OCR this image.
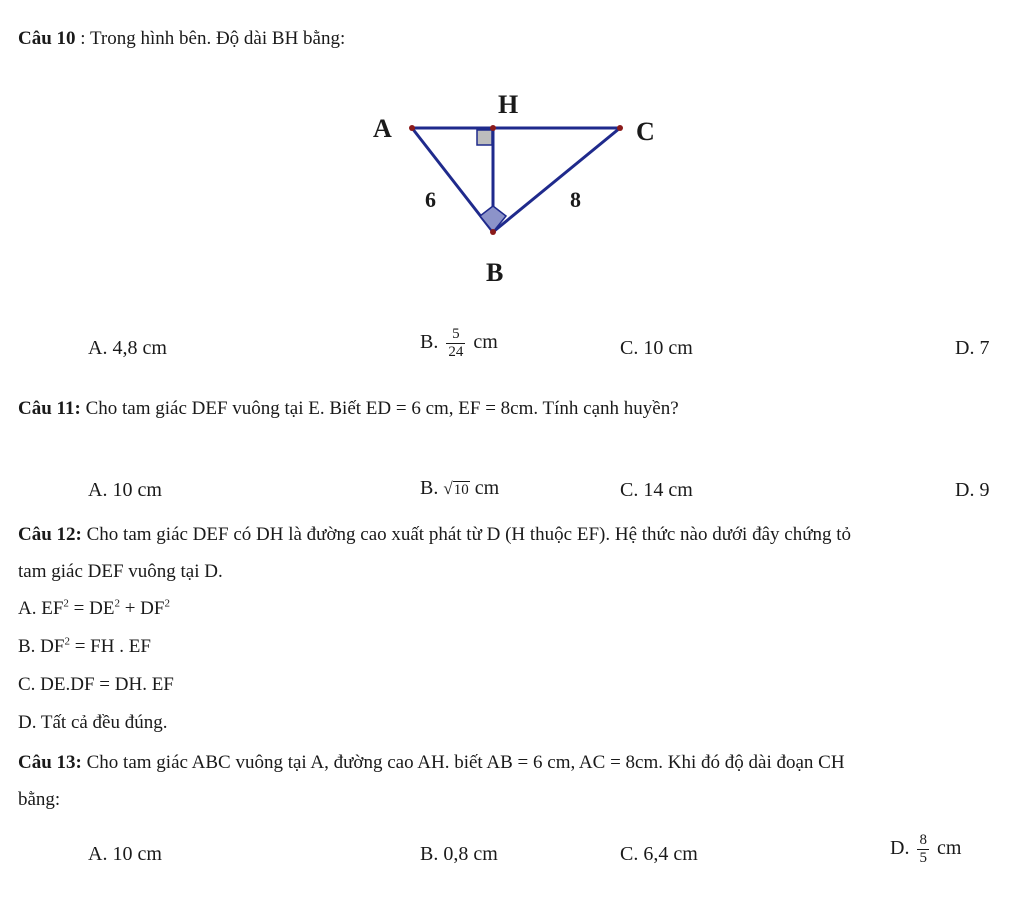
Câu 10 : Trong hình bên. Độ dài BH bằng:
A
H
C
B
6	8
A. 4,8 cm	B. $\frac{5}{24}$ cm	C. 10 cm	D. 7
Câu 11: Cho tam giác DEF vuông tại E. Biết ED = 6 cm, EF = 8cm. Tính cạnh huyền?
A. 10 cm	B. √10 cm	C. 14 cm	D. 9
Câu 12: Cho tam giác DEF có DH là đường cao xuất phát từ D (H thuộc EF). Hệ thức nào dưới đây chứng tỏ
tam giác DEF vuông tại D.
A. $EF^2 = DE^2 + DF^2$
B. $DF^2$ = FH . EF
C. DE.DF = DH. EF
D. Tất cả đều đúng.
Câu 13: Cho tam giác ABC vuông tại A, đường cao AH. biết AB = 6 cm, AC = 8cm. Khi đó độ dài đoạn CH
bằng:
A. 10 cm	B. 0,8 cm	C. 6,4 cm	D. $\frac{8}{5}$ cm
